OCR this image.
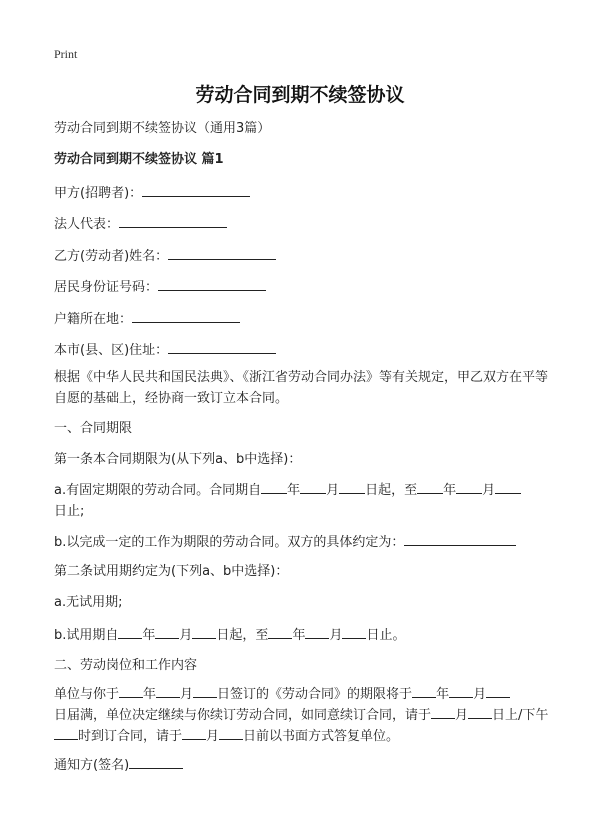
Print
劳动合同到期不续签协议
劳动合同到期不续签协议（通用3篇）
劳动合同到期不续签协议 篇1
甲方(招聘者)：
法人代表：
乙方(劳动者)姓名：
居民身份证号码：
户籍所在地：
本市(县、区)住址：
根据《中华人民共和国民法典》、《浙江省劳动合同办法》等有关规定，甲乙双方在平等自愿的基础上，经协商一致订立本合同。
一、合同期限
第一条本合同期限为(从下列a、b中选择)：
a.有固定期限的劳动合同。合同期自 年 月 日起，至 年 月
日止;
b.以完成一定的工作为期限的劳动合同。双方的具体约定为：
第二条试用期约定为(下列a、b中选择)：
a.无试用期;
b.试用期自 年 月 日起，至 年 月 日止。
二、劳动岗位和工作内容
单位与你于 年 月 日签订的《劳动合同》的期限将于 年 月
日届满，单位决定继续与你续订劳动合同，如同意续订合同，请于 月 日上/下午时到订合同，请于 月 日前以书面方式答复单位。
通知方(签名)
